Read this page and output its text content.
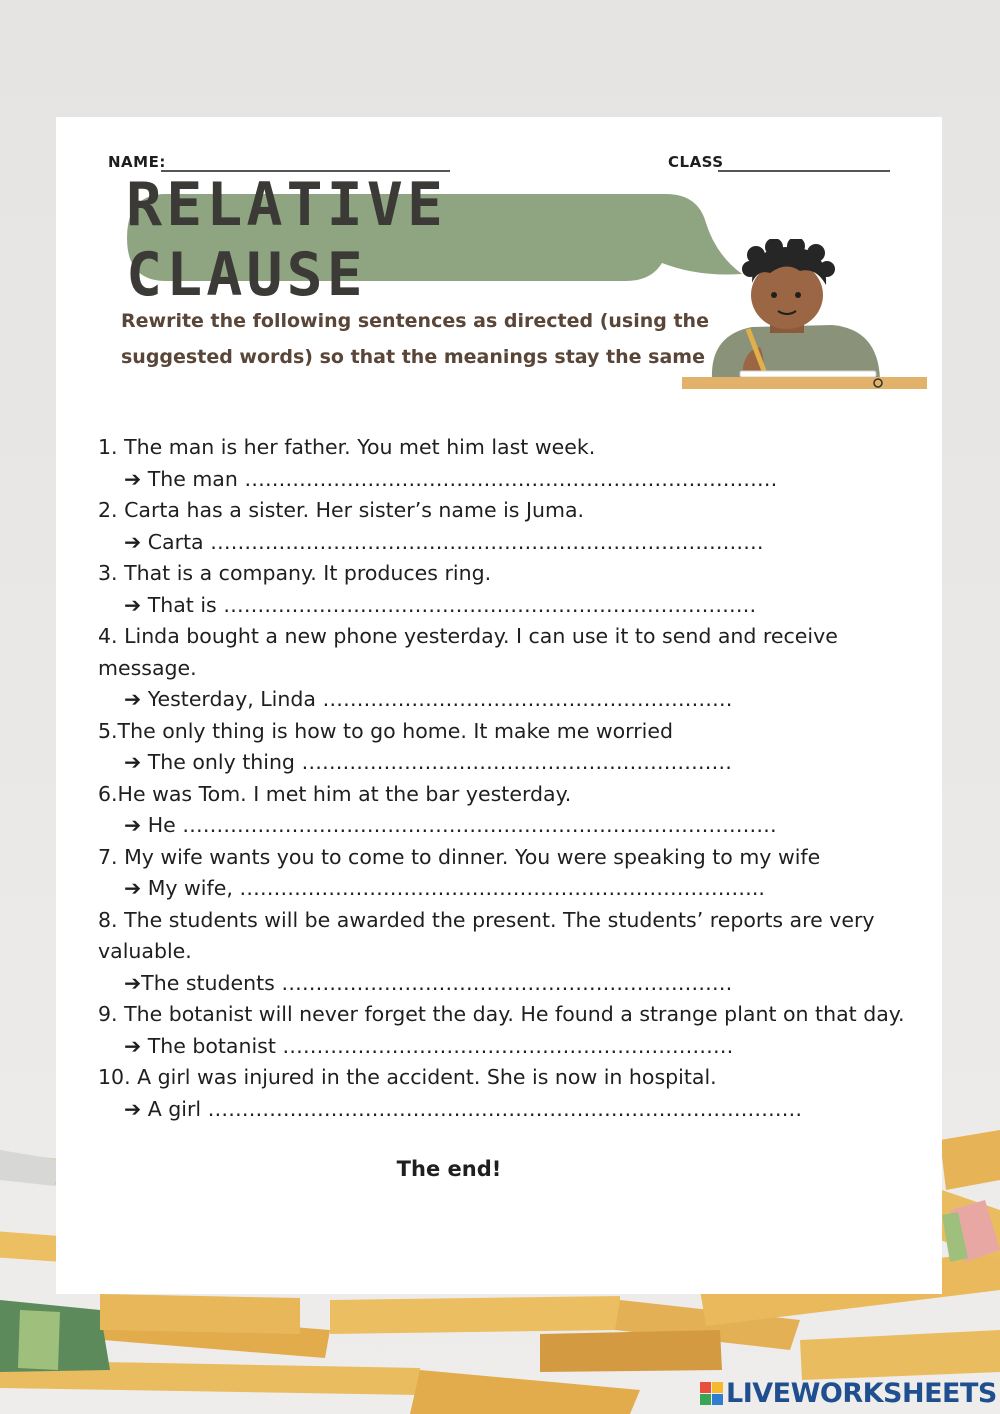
NAME:	CLASS
RELATIVE CLAUSE
Rewrite the following sentences as directed (using the
suggested words) so that the meanings stay the same

1. The man is her father. You met him last week.

➔ The man ……………………………………………………………………

2. Carta has a sister. Her sister’s name is Juma.

➔ Carta ………………………………………………………………………

3. That is a company. It produces ring.

➔ That is ……………………………………………………………………

4. Linda bought a new phone yesterday. I can use it to send and receive message.

➔ Yesterday, Linda ……………………………………………………

5.The only thing is how to go home. It make me worried

➔ The only thing ………………………………………………………

6.He was Tom. I met him at the bar yesterday.

➔ He ……………………………………………………………………………

7. My wife wants you to come to dinner. You were speaking to my wife

➔ My wife, …………………………………………………………………..

8. The students will be awarded the present. The students’ reports are very valuable.

➔The students …………………………………………………………

9. The botanist will never forget the day. He found a strange plant on that day.

➔ The botanist …………………………………………………………

10. A girl was injured in the accident. She is now in hospital.

➔ A girl ……………………………………………………………………………

The end!
LIVEWORKSHEETS
